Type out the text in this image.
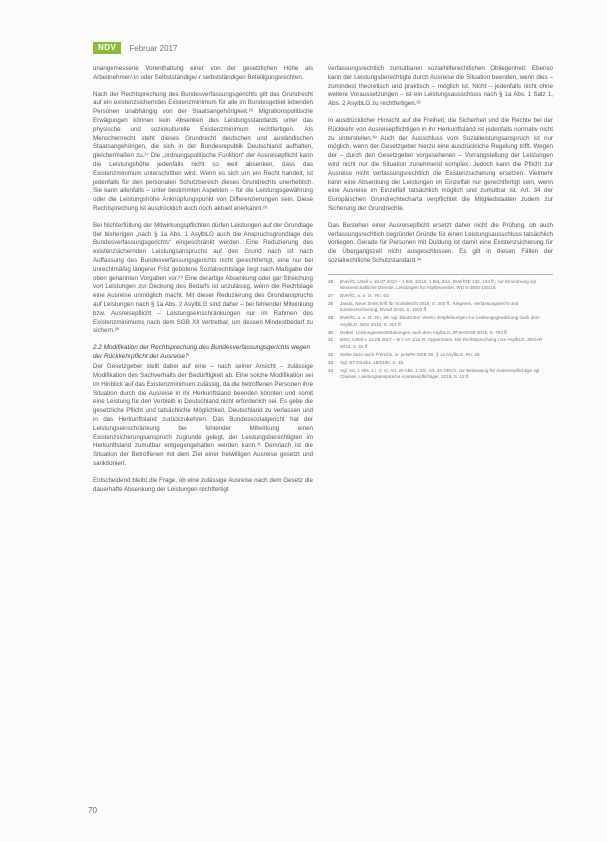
NDV	Februar 2017

unangemessene Vorenthaltung einer von der gesetzlichen Höhe als Arbeitnehmer/-in oder Selbstständige/-r selbstständigen Beteiligungsrechten.

Nach der Rechtsprechung des Bundesverfassungsgerichts gilt das Grundrecht auf ein existenzsicherndes Existenzminimum für alle im Bundesgebiet lebenden Personen unabhängig von der Staatsangehörigkeit.²⁶ Migrationspolitische Erwägungen können kein Absenken des Leistungsstandards unter das physische und soziokulturelle Existenzminimum rechtfertigen. Als Menschenrecht steht dieses Grundrecht deutschen und ausländischen Staatsangehörigen, die sich in der Bundesrepublik Deutschland aufhalten, gleichermaßen zu.²⁷ Die „ordnungspolitische Funktion“ der Ausreisepflicht kann die Leistungshöhe jedenfalls nicht so weit absenken, dass das Existenzminimum unterschritten wird. Wenn es sich um ein Recht handelt, ist jedenfalls für den personalen Schutzbereich dieses Grundrechts unerheblich. Sie kann allenfalls – unter bestimmten Aspekten – für die Leistungsgewährung oder die Leistungshöhe Anknüpfungspunkt von Differenzierungen sein. Diese Rechtsprechung ist ausdrücklich auch noch aktuell anerkannt.²⁸

Bei Nichterfüllung der Mitwirkungspflichten dürfen Leistungen auf der Grundlage der bisherigen „nach § 1a Abs. 1 AsylbLG auch die Anspruchsgrundlage des Bundesverfassungsgerichts“ eingeschränkt werden. Eine Reduzierung des existenzsichernden Leistungsanspruchs auf den Grund nach ist nach Auffassung des Bundesverfassungsgerichts nicht gerechtfertigt, eine nur bei unrechtmäßig längerer Frist gebotene Sozialrechtslage liegt nach Maßgabe der oben genannten Vorgaben vor.²⁹ Eine derartige Absenkung oder gar Streichung von Leistungen zur Deckung des Bedarfs ist unzulässig, wenn die Rechtslage eine Ausreise unmöglich macht. Mit dieser Reduzierung des Grundanspruchs auf Leistungen nach § 1a Abs. 2 AsylbLG sind daher – bei fehlender Mitwirkung bzw. Ausreisepflicht – Leistungseinschränkungen nur im Rahmen des Existenzminimums nach dem SGB XII vertretbar, um dessen Mindestbedarf zu sichern.³⁰

2.2 Modifikation der Rechtsprechung des Bundesverfassungsgerichts wegen der Rückkehrpflicht der Ausreise?

Der Gesetzgeber stellt dabei auf eine – nach seiner Ansicht – zulässige Modifikation des Sachverhalts der Bedürftigkeit ab. Eine solche Modifikation sei im Hinblick auf das Existenzminimum zulässig, da die betroffenen Personen ihre Situation durch die Ausreise in ihr Herkunftsland beenden könnten und somit eine Leistung für den Verbleib in Deutschland nicht erforderlich sei. Es gebe die gesetzliche Pflicht und tatsächliche Möglichkeit, Deutschland zu verlassen und in das Herkunftsland zurückzukehren. Das Bundessozialgericht hat der Leistungseinschränkung bei fehlender Mitwirkung einen Existenzsicherungsanspruch zugrunde gelegt, der Leistungsberechtigten im Herkunftsland zumutbar entgegengehalten werden kann.³¹ Demnach ist die Situation der Betroffenen mit dem Ziel einer freiwilligen Ausreise gesetzt und sanktioniert.

Entscheidend bleibt die Frage, ob eine zulässige Ausreise nach dem Gesetz die dauerhafte Absenkung der Leistungen rechtfertigt

verfassungsrechtlich zumutbaren sozialhilferechtlichen Obliegenheit: Ebenso kann der Leistungsberechtigte durch Ausreise die Situation beenden, wenn dies – zumindest theoretisch und praktisch – möglich ist. Nicht – jedenfalls nicht ohne weitere Voraussetzungen – ist ein Leistungsausschluss nach § 1a Abs. 1 Satz 1, Abs. 2 AsylbLG zu rechtfertigen.³²

In ausdrücklicher Hinsicht auf die Freiheit, die Sicherheit und die Rechte bei der Rückkehr von Ausreisepflichtigen in ihr Herkunftsland ist jedenfalls normativ nicht zu unterstellen.³³ Auch der Ausschluss vom Sozialleistungsanspruch ist nur möglich, wenn der Gesetzgeber hierzu eine ausdrückliche Regelung trifft. Wegen der – durch den Gesetzgeber vorgesehenen – Vorrangstellung der Leistungen wird nicht nur die Situation zunehmend komplex. Jedoch kann die Pflicht zur Ausreise nicht verfassungsrechtlich die Existenzsicherung ersetzen. Vielmehr kann eine Absenkung der Leistungen im Einzelfall nur gerechtfertigt sein, wenn eine Ausreise im Einzelfall tatsächlich möglich und zumutbar ist. Art. 34 der Europäischen Grundrechtecharta verpflichtet die Mitgliedstaaten zudem zur Sicherung der Grundrechte.

Das Bestehen einer Ausreisepflicht ersetzt daher nicht die Prüfung, ob auch verfassungsrechtlich begründet Gründe für einen Leistungsausschluss tatsächlich vorliegen. Gerade für Personen mit Duldung ist damit eine Existenzsicherung für die Übergangszeit nicht ausgeschlossen. Es gilt in diesen Fällen der sozialrechtliche Schutzstandard.³⁴

26	BVerfG, Urteil v. 18.07.2012 – 1 BvL 10/10, 1 BvL 2/11, BVerfGE 132, 134 ff.; zur Einordnung vgl. Wissenschaftliche Dienste, Leistungen für Asylbewerber, WD 6-3000-145/16.
27	BVerfG, a. a. O., Rn. 63.
28	Janda, Neue Zeitschrift für Sozialrecht 2016, S. 203 ff.; Kingreen, Verfassungsrecht und Existenzsicherung, NVwZ 2015, S. 1503 ff.
29	BVerfG, a. a. O., Rn. 95; vgl. Deutscher Verein, Empfehlungen zur Leistungsgewährung nach dem AsylbLG, NDV 2015, S. 401 ff.
30	Deibel, Leistungseinschränkungen nach dem AsylbLG, ZFSH/SGB 2015, S. 704 ff.
31	BSG, Urteil v. 12.05.2017 – B 7 AY 1/16 R; Oppermann, Die Rechtsprechung zum AsylbLG, ZESAR 2016, S. 55 ff.
32	Siehe dazu auch Frerichs, in: jurisPK-SGB XII, § 1a AsylbLG, Rn. 48.
33	Vgl. BT-Drucks. 18/6185, S. 45.
34	Vgl. Art. 1 Abs. 1 i. V. m. Art. 20 Abs. 1 GG; Art. 34 GRCh; zur Bedeutung für Ausreisepflichtige vgl. Classen, Leistungsansprüche Ausreisepflichtiger, 2016, S. 12 ff.
70
